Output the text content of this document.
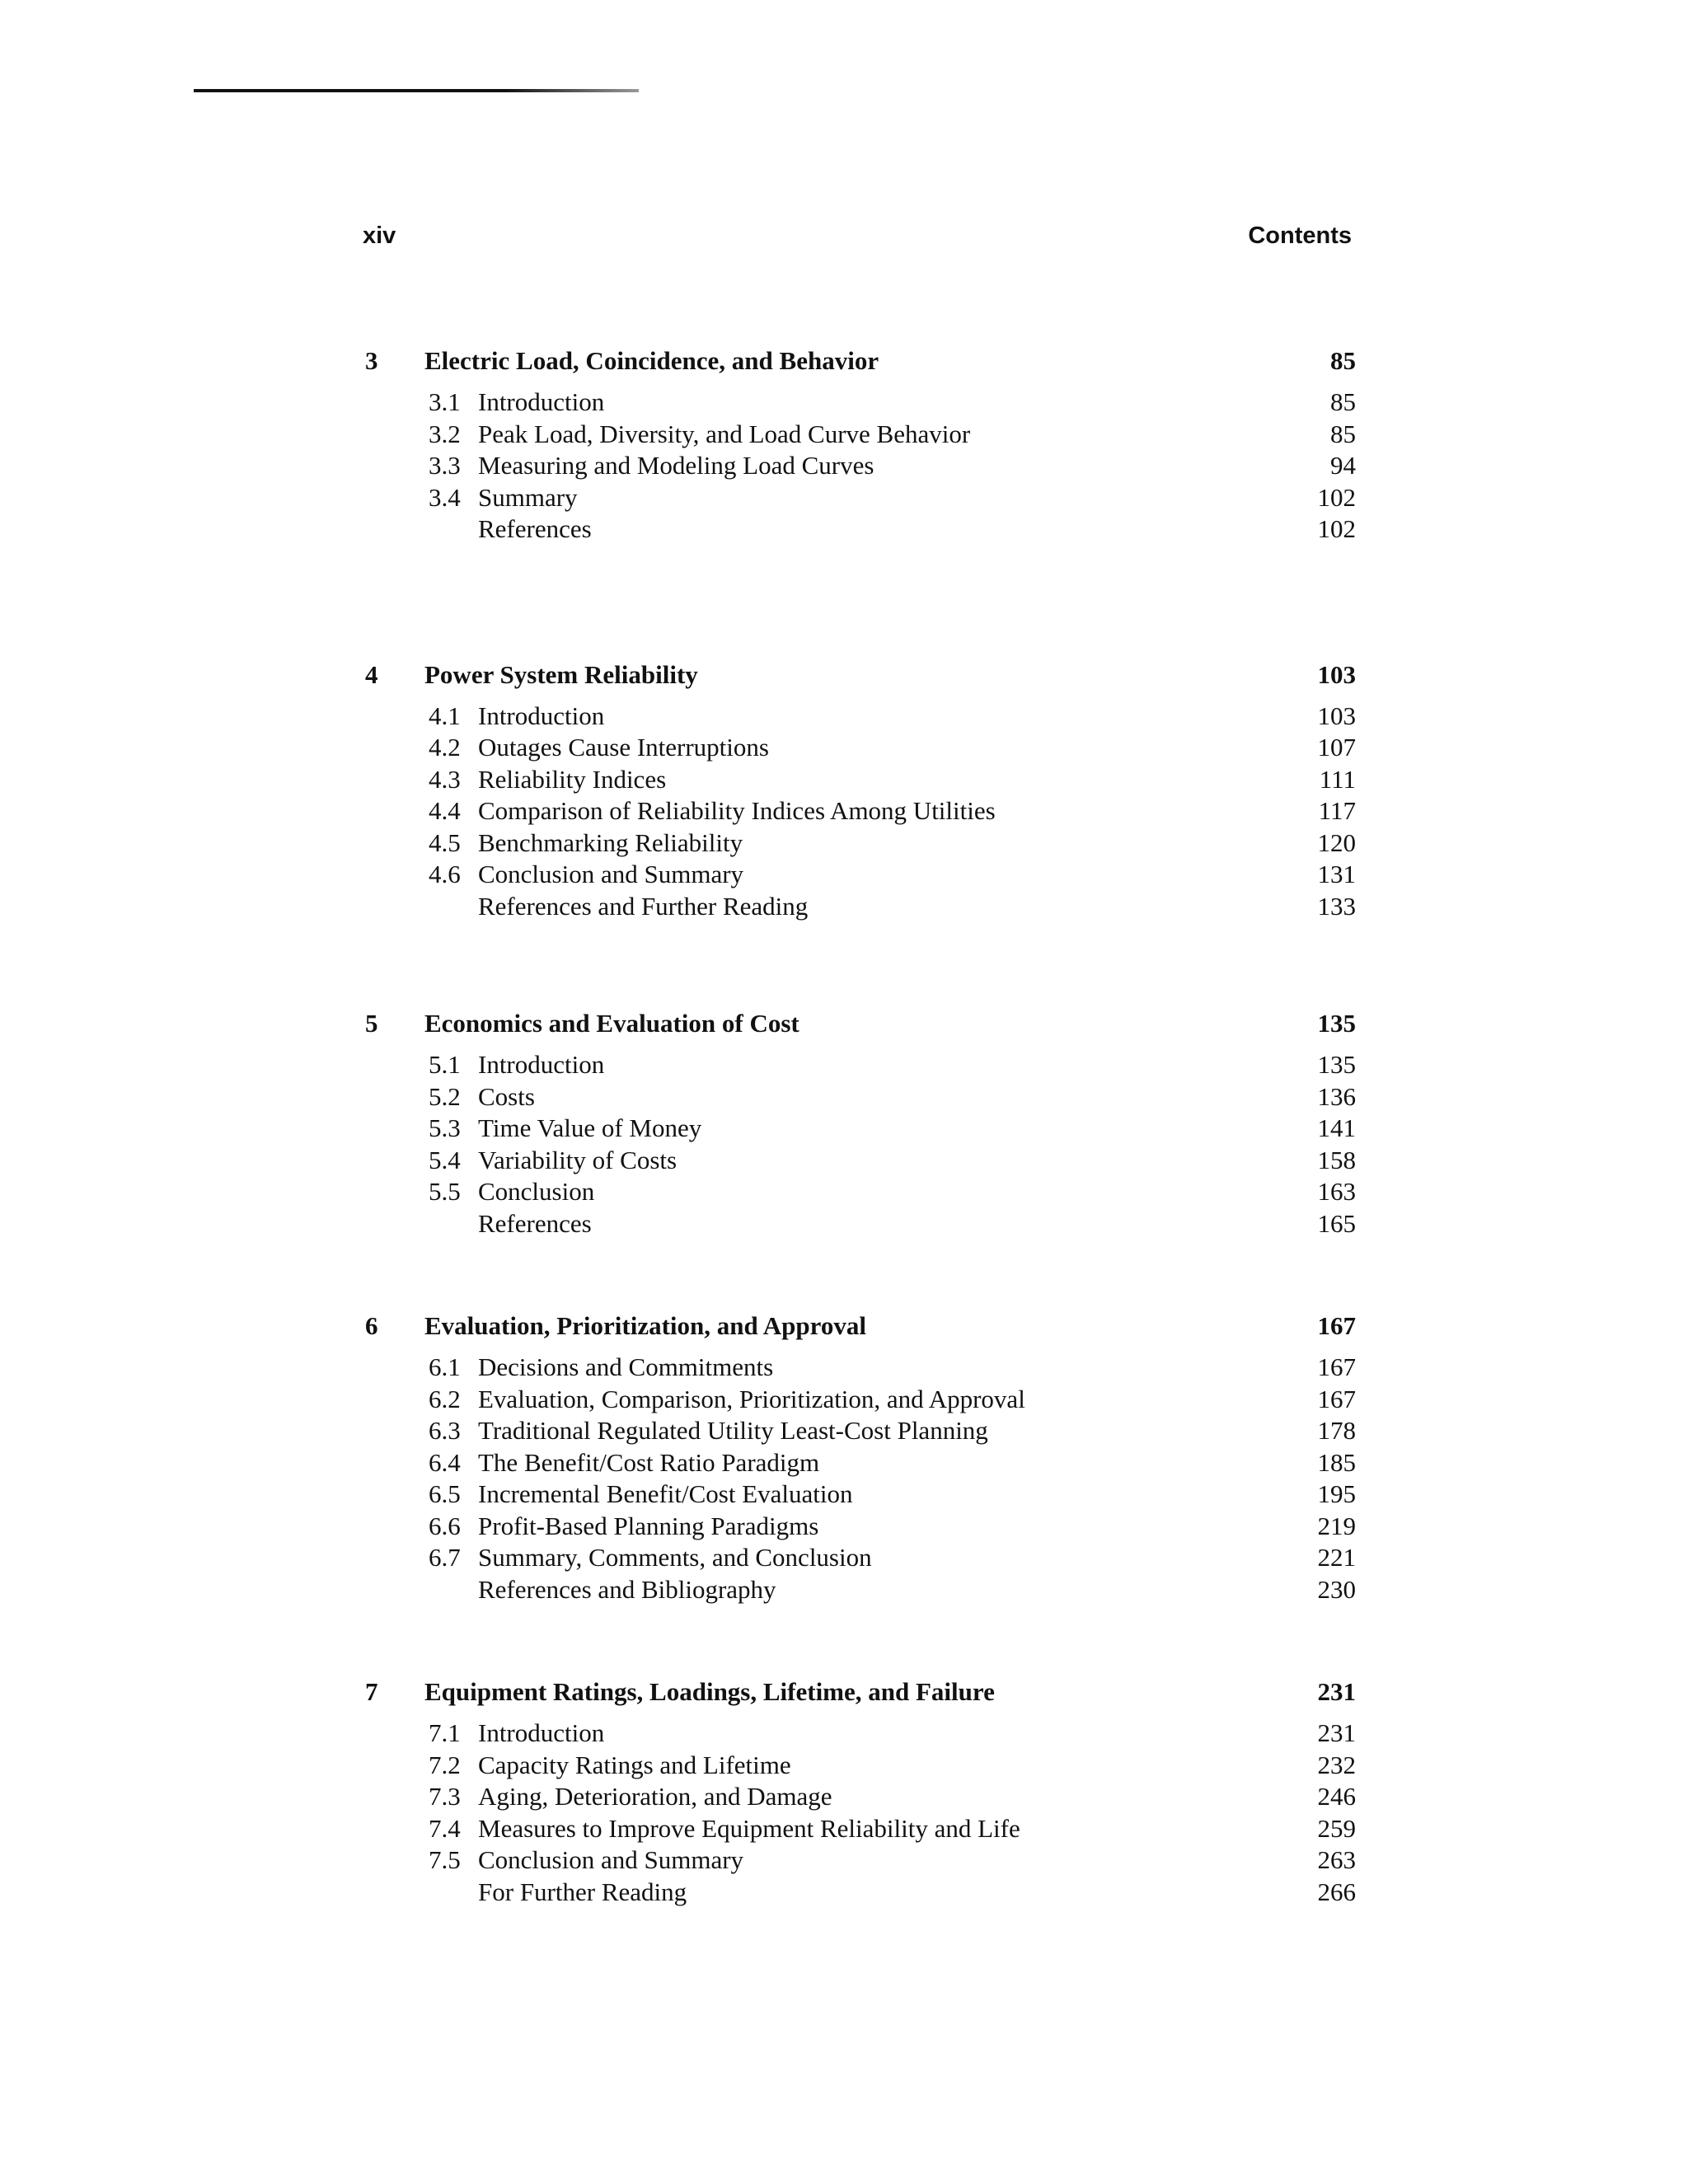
xiv	Contents
3 Electric Load, Coincidence, and Behavior	85
3.1 Introduction	85
3.2 Peak Load, Diversity, and Load Curve Behavior	85
3.3 Measuring and Modeling Load Curves	94
3.4 Summary	102
References	102
4 Power System Reliability	103
4.1 Introduction	103
4.2 Outages Cause Interruptions	107
4.3 Reliability Indices	111
4.4 Comparison of Reliability Indices Among Utilities	117
4.5 Benchmarking Reliability	120
4.6 Conclusion and Summary	131
References and Further Reading	133
5 Economics and Evaluation of Cost	135
5.1 Introduction	135
5.2 Costs	136
5.3 Time Value of Money	141
5.4 Variability of Costs	158
5.5 Conclusion	163
References	165
6 Evaluation, Prioritization, and Approval	167
6.1 Decisions and Commitments	167
6.2 Evaluation, Comparison, Prioritization, and Approval	167
6.3 Traditional Regulated Utility Least-Cost Planning	178
6.4 The Benefit/Cost Ratio Paradigm	185
6.5 Incremental Benefit/Cost Evaluation	195
6.6 Profit-Based Planning Paradigms	219
6.7 Summary, Comments, and Conclusion	221
References and Bibliography	230
7 Equipment Ratings, Loadings, Lifetime, and Failure	231
7.1 Introduction	231
7.2 Capacity Ratings and Lifetime	232
7.3 Aging, Deterioration, and Damage	246
7.4 Measures to Improve Equipment Reliability and Life	259
7.5 Conclusion and Summary	263
For Further Reading	266
